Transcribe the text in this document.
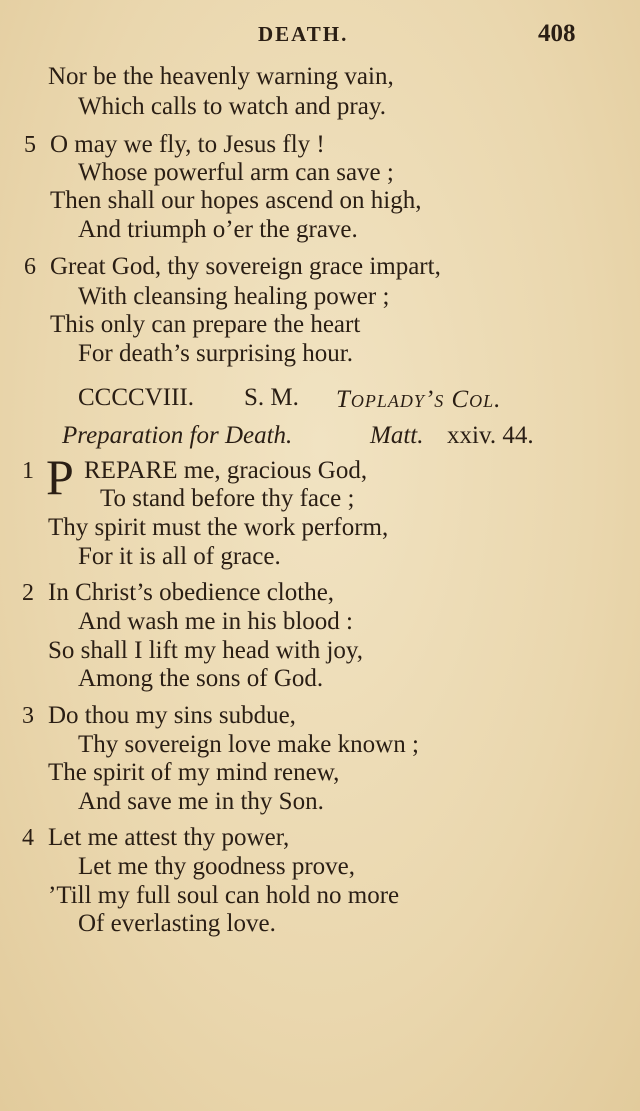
DEATH.	408
Nor be the heavenly warning vain,
Which calls to watch and pray.
5 O may we fly, to Jesus fly !
Whose powerful arm can save ;
Then shall our hopes ascend on high,
And triumph o’er the grave.
6 Great God, thy sovereign grace impart,
With cleansing healing power ;
This only can prepare the heart
For death’s surprising hour.
CCCCVIII. S. M. Toplady’s Col.
Preparation for Death.	Matt. xxiv. 44.
1 P REPARE me, gracious God,
To stand before thy face ;
Thy spirit must the work perform,
For it is all of grace.
2 In Christ’s obedience clothe,
And wash me in his blood :
So shall I lift my head with joy,
Among the sons of God.
3 Do thou my sins subdue,
Thy sovereign love make known ;
The spirit of my mind renew,
And save me in thy Son.
4 Let me attest thy power,
Let me thy goodness prove,
’Till my full soul can hold no more
Of everlasting love.
